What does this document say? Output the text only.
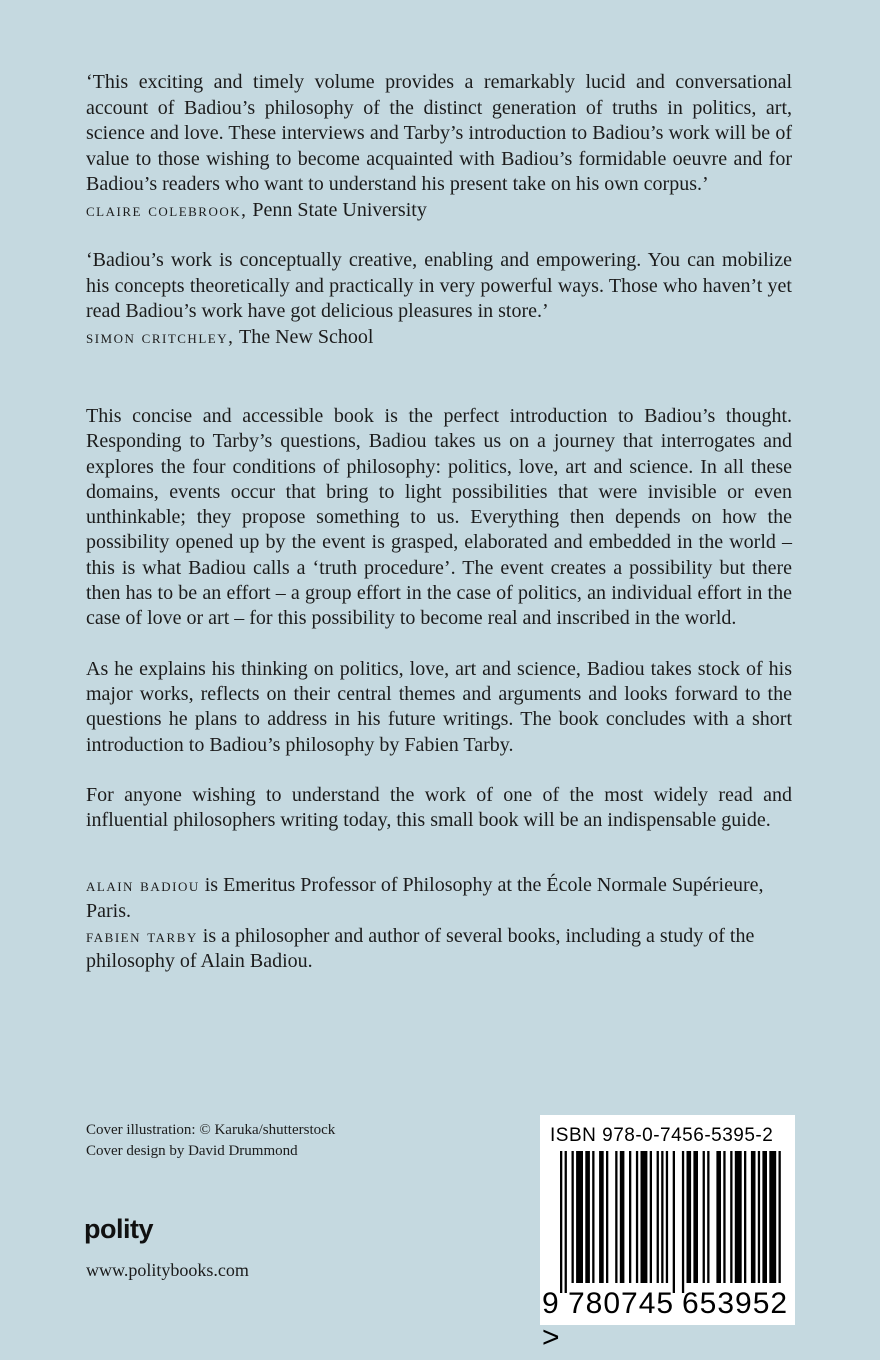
‘This exciting and timely volume provides a remarkably lucid and conversational account of Badiou’s philosophy of the distinct generation of truths in politics, art, science and love. These interviews and Tarby’s introduction to Badiou’s work will be of value to those wishing to become acquainted with Badiou’s formidable oeuvre and for Badiou’s readers who want to understand his present take on his own corpus.’

claire colebrook, Penn State University

‘Badiou’s work is conceptually creative, enabling and empowering. You can mobilize his concepts theoretically and practically in very powerful ways. Those who haven’t yet read Badiou’s work have got delicious pleasures in store.’

simon critchley, The New School

This concise and accessible book is the perfect introduction to Badiou’s thought. Responding to Tarby’s questions, Badiou takes us on a journey that interrogates and explores the four conditions of philosophy: politics, love, art and science. In all these domains, events occur that bring to light possibilities that were invisible or even unthinkable; they propose something to us. Everything then depends on how the possibility opened up by the event is grasped, elaborated and embedded in the world – this is what Badiou calls a ‘truth procedure’. The event creates a possibility but there then has to be an effort – a group effort in the case of politics, an individual effort in the case of love or art – for this possibility to become real and inscribed in the world.

As he explains his thinking on politics, love, art and science, Badiou takes stock of his major works, reflects on their central themes and arguments and looks forward to the questions he plans to address in his future writings. The book concludes with a short introduction to Badiou’s philosophy by Fabien Tarby.

For anyone wishing to understand the work of one of the most widely read and influential philosophers writing today, this small book will be an indispensable guide.

alain badiou is Emeritus Professor of Philosophy at the École Normale Supérieure, Paris.

fabien tarby is a philosopher and author of several books, including a study of the philosophy of Alain Badiou.

Cover illustration: © Karuka/shutterstock
Cover design by David Drummond
polity
www.politybooks.com
ISBN 978-0-7456-5395-2
9 780745 653952>
